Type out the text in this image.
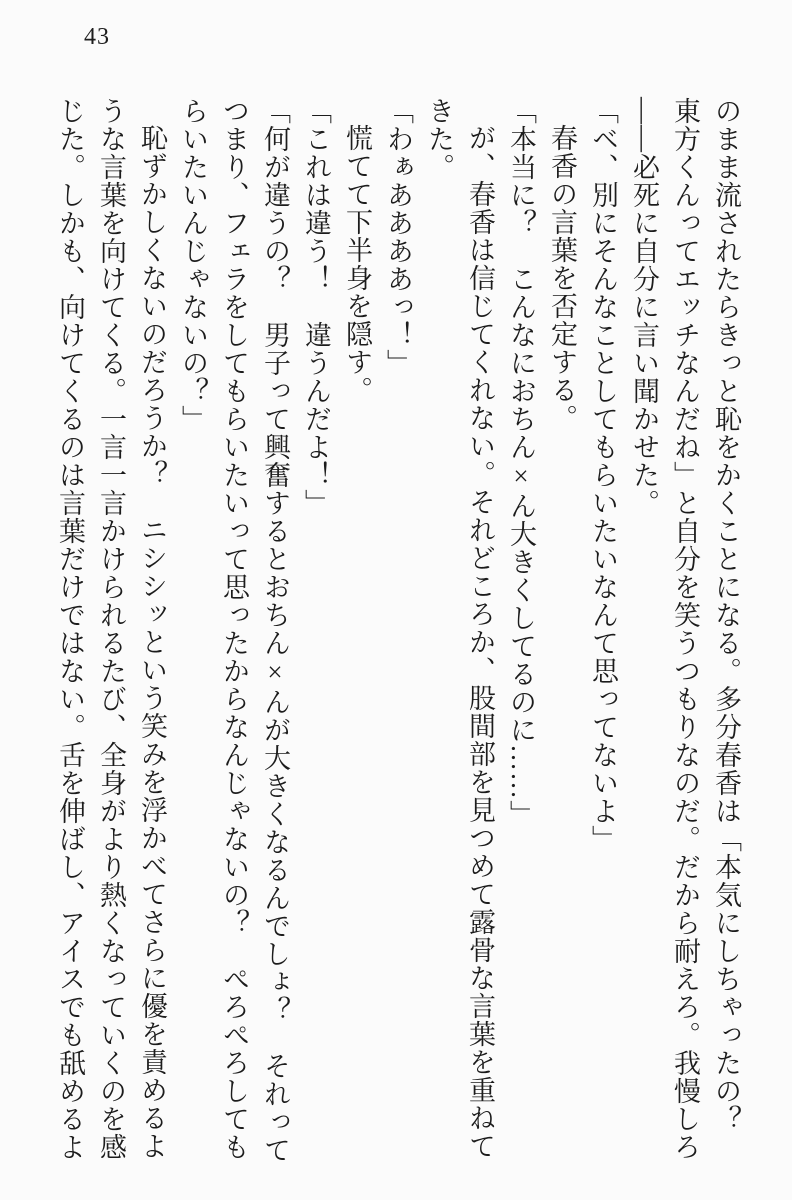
43

のまま流されたらきっと恥をかくことになる。多分春香は「本気にしちゃったの？

東方くんってエッチなんだね」と自分を笑うつもりなのだ。だから耐えろ。我慢しろ

――必死に自分に言い聞かせた。

「ベ、別にそんなことしてもらいたいなんて思ってないよ」

春香の言葉を否定する。

「本当に？　こんなにおちん×ん大きくしてるのに……」

が、春香は信じてくれない。それどころか、股間部を見つめて露骨な言葉を重ねて

きた。

「わぁああああっ！」

慌てて下半身を隠す。

「これは違う！　違うんだよ！」

「何が違うの？　男子って興奮するとおちん×んが大きくなるんでしょ？　それって

つまり、フェラをしてもらいたいって思ったからなんじゃないの？　ぺろぺろしても

らいたいんじゃないの？」

恥ずかしくないのだろうか？　ニシシッという笑みを浮かべてさらに優を責めるよ

うな言葉を向けてくる。一言一言かけられるたび、全身がより熱くなっていくのを感

じた。しかも、向けてくるのは言葉だけではない。舌を伸ばし、アイスでも舐めるよ
